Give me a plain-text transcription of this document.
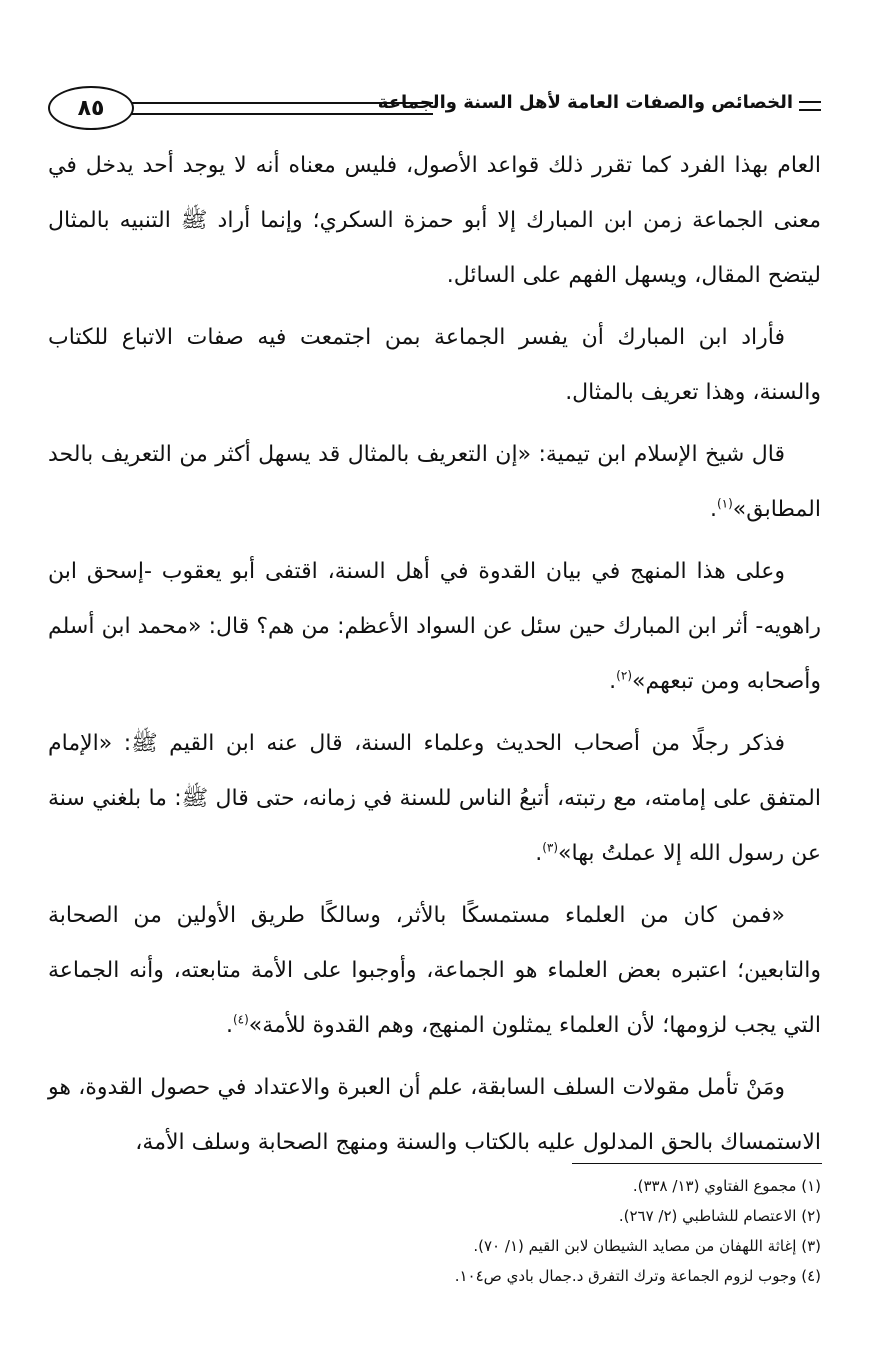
٨٥	الخصائص والصفات العامة لأهل السنة والجماعة

العام بهذا الفرد كما تقرر ذلك قواعد الأصول، فليس معناه أنه لا يوجد أحد يدخل في معنى الجماعة زمن ابن المبارك إلا أبو حمزة السكري؛ وإنما أراد ﷺ التنبيه بالمثال ليتضح المقال، ويسهل الفهم على السائل.

فأراد ابن المبارك أن يفسر الجماعة بمن اجتمعت فيه صفات الاتباع للكتاب والسنة، وهذا تعريف بالمثال.

قال شيخ الإسلام ابن تيمية: «إن التعريف بالمثال قد يسهل أكثر من التعريف بالحد المطابق»$^{(١)}$.

وعلى هذا المنهج في بيان القدوة في أهل السنة، اقتفى أبو يعقوب -إسحق ابن راهويه- أثر ابن المبارك حين سئل عن السواد الأعظم: من هم؟ قال: «محمد ابن أسلم وأصحابه ومن تبعهم»$^{(٢)}$.

فذكر رجلًا من أصحاب الحديث وعلماء السنة، قال عنه ابن القيم ﷺ: «الإمام المتفق على إمامته، مع رتبته، أتبعُ الناس للسنة في زمانه، حتى قال ﷺ: ما بلغني سنة عن رسول الله إلا عملتُ بها»$^{(٣)}$.

«فمن كان من العلماء مستمسكًا بالأثر، وسالكًا طريق الأولين من الصحابة والتابعين؛ اعتبره بعض العلماء هو الجماعة، وأوجبوا على الأمة متابعته، وأنه الجماعة التي يجب لزومها؛ لأن العلماء يمثلون المنهج، وهم القدوة للأمة»$^{(٤)}$.

ومَنْ تأمل مقولات السلف السابقة، علم أن العبرة والاعتداد في حصول القدوة، هو الاستمساك بالحق المدلول عليه بالكتاب والسنة ومنهج الصحابة وسلف الأمة،

(١) مجموع الفتاوي (١٣/ ٣٣٨).

(٢) الاعتصام للشاطبي (٢/ ٢٦٧).

(٣) إغاثة اللهفان من مصايد الشيطان لابن القيم (١/ ٧٠).

(٤) وجوب لزوم الجماعة وترك التفرق د.جمال بادي ص١٠٤.
